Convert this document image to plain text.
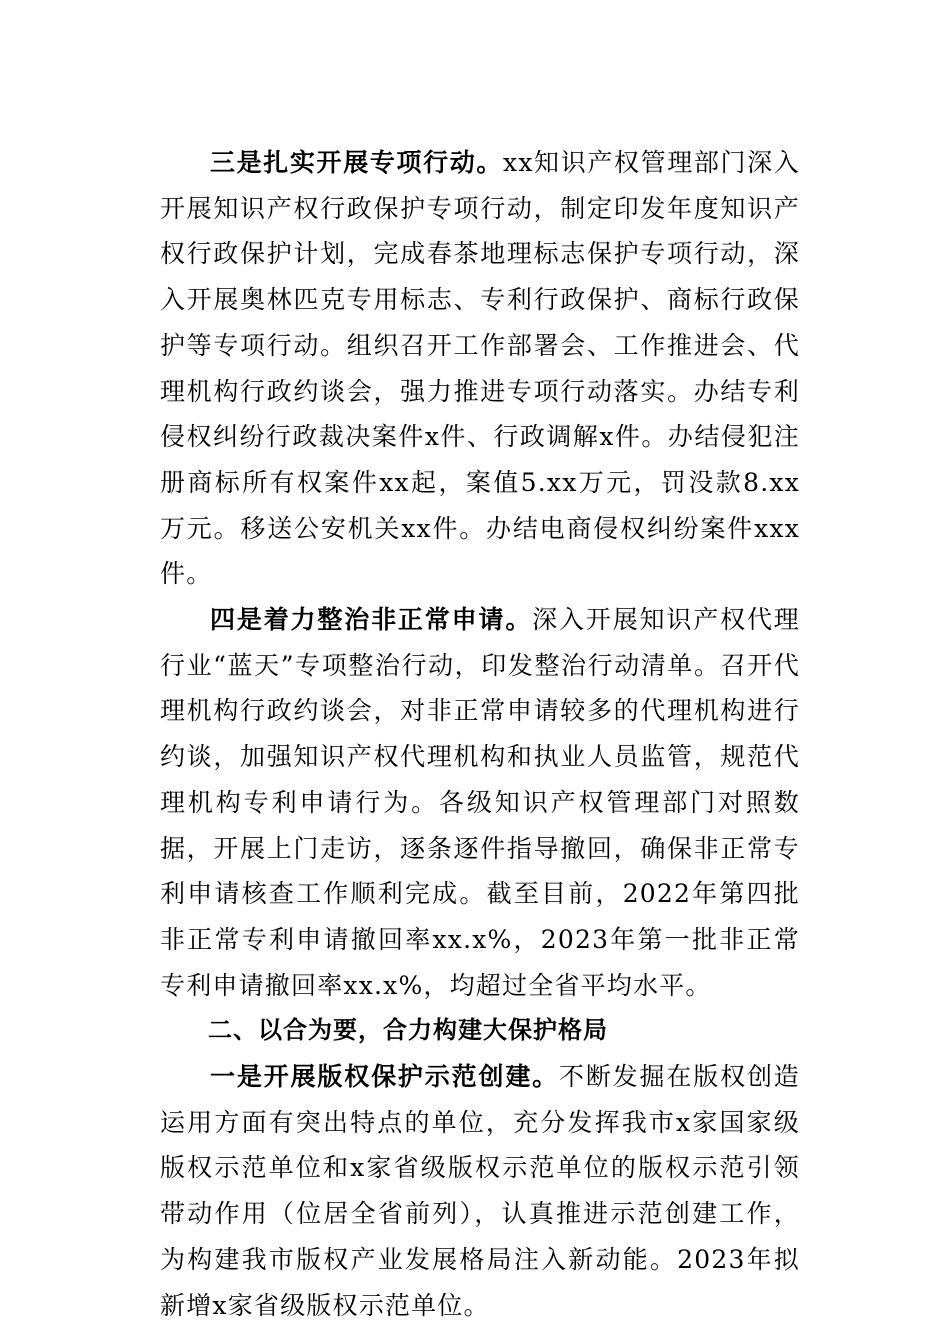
三是扎实开展专项行动。xx知识产权管理部门深入开展知识产权行政保护专项行动，制定印发年度知识产权行政保护计划，完成春茶地理标志保护专项行动，深入开展奥林匹克专用标志、专利行政保护、商标行政保护等专项行动。组织召开工作部署会、工作推进会、代理机构行政约谈会，强力推进专项行动落实。办结专利侵权纠纷行政裁决案件x件、行政调解x件。办结侵犯注册商标所有权案件xx起，案值5.xx万元，罚没款8.xx万元。移送公安机关xx件。办结电商侵权纠纷案件xxx件。

四是着力整治非正常申请。深入开展知识产权代理行业“蓝天”专项整治行动，印发整治行动清单。召开代理机构行政约谈会，对非正常申请较多的代理机构进行约谈，加强知识产权代理机构和执业人员监管，规范代理机构专利申请行为。各级知识产权管理部门对照数据，开展上门走访，逐条逐件指导撤回，确保非正常专利申请核查工作顺利完成。截至目前，2022年第四批非正常专利申请撤回率xx.x%，2023年第一批非正常专利申请撤回率xx.x%，均超过全省平均水平。

二、以合为要，合力构建大保护格局

一是开展版权保护示范创建。不断发掘在版权创造运用方面有突出特点的单位，充分发挥我市x家国家级版权示范单位和x家省级版权示范单位的版权示范引领带动作用（位居全省前列），认真推进示范创建工作，为构建我市版权产业发展格局注入新动能。2023年拟新增x家省级版权示范单位。
